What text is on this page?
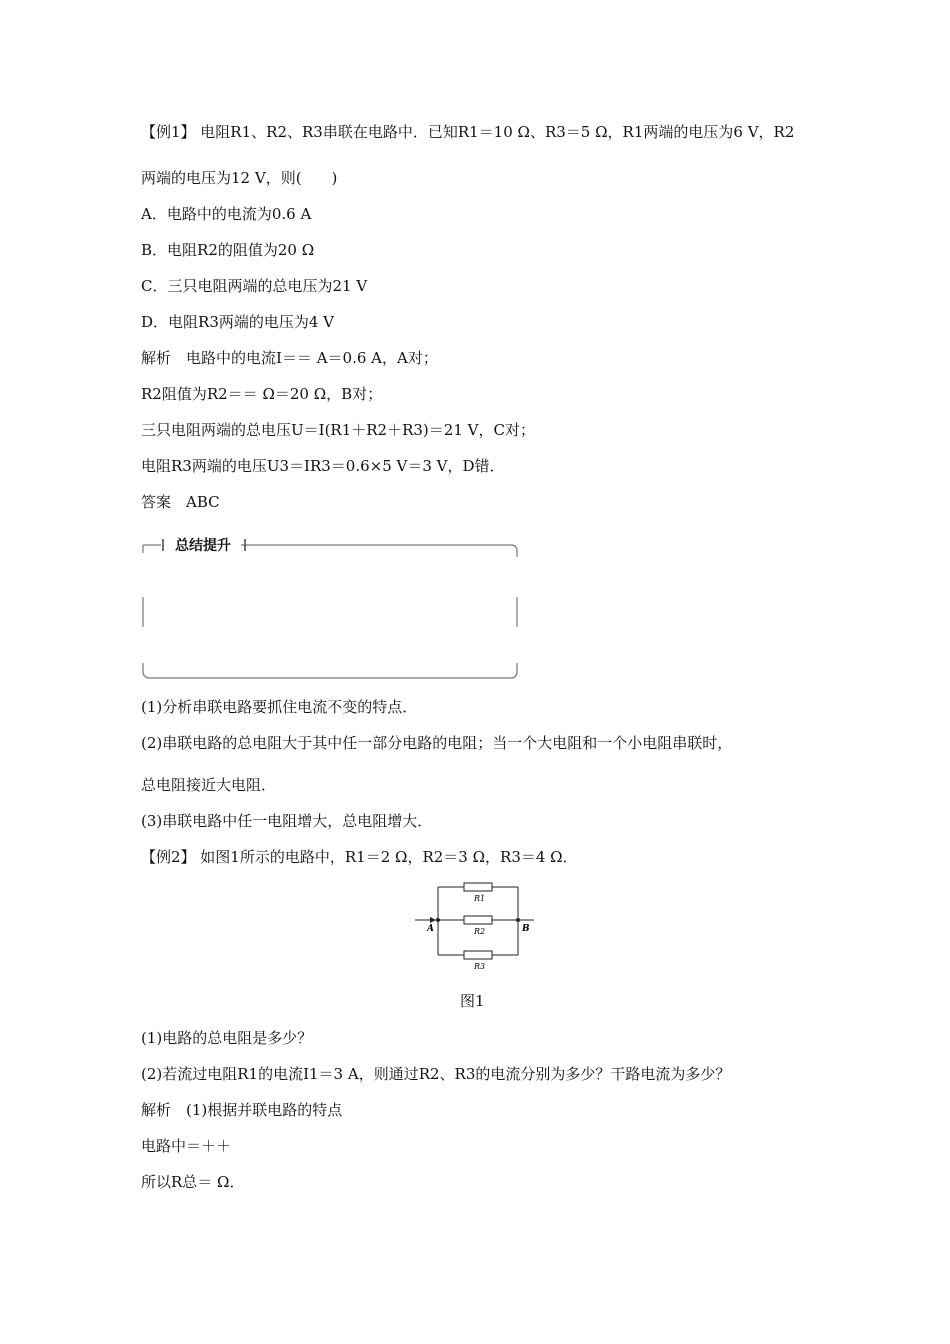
【例1】 电阻R1、R2、R3串联在电路中．已知R1＝10 Ω、R3＝5 Ω，R1两端的电压为6 V，R2
两端的电压为12 V，则(　　)
A．电路中的电流为0.6 A
B．电阻R2的阻值为20 Ω
C．三只电阻两端的总电压为21 V
D．电阻R3两端的电压为4 V
解析　电路中的电流I＝＝ A＝0.6 A，A对；
R2阻值为R2＝＝ Ω＝20 Ω，B对；
三只电阻两端的总电压U＝I(R1＋R2＋R3)＝21 V，C对；
电阻R3两端的电压U3＝IR3＝0.6×5 V＝3 V，D错．
答案　ABC
总结提升
(1)分析串联电路要抓住电流不变的特点．
(2)串联电路的总电阻大于其中任一部分电路的电阻；当一个大电阻和一个小电阻串联时，
总电阻接近大电阻．
(3)串联电路中任一电阻增大，总电阻增大．
【例2】 如图1所示的电路中，R1＝2 Ω，R2＝3 Ω，R3＝4 Ω．
R1
R2
R3
A	B
图1
(1)电路的总电阻是多少？
(2)若流过电阻R1的电流I1＝3 A，则通过R2、R3的电流分别为多少？干路电流为多少？
解析　(1)根据并联电路的特点
电路中＝＋＋
所以R总＝ Ω．
